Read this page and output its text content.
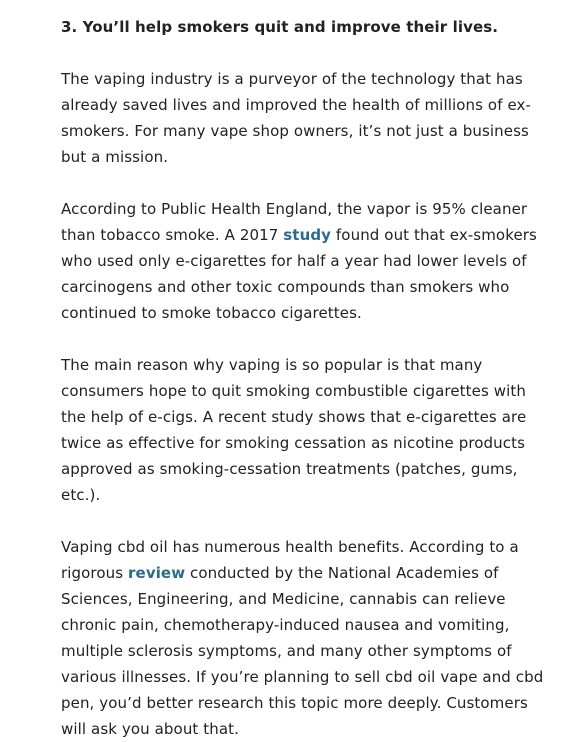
3. You’ll help smokers quit and improve their lives.

The vaping industry is a purveyor of the technology that has already saved lives and improved the health of millions of ex-smokers. For many vape shop owners, it’s not just a business but a mission.

According to Public Health England, the vapor is 95% cleaner than tobacco smoke. A 2017 study found out that ex-smokers who used only e-cigarettes for half a year had lower levels of carcinogens and other toxic compounds than smokers who continued to smoke tobacco cigarettes.

The main reason why vaping is so popular is that many consumers hope to quit smoking combustible cigarettes with the help of e-cigs. A recent study shows that e-cigarettes are twice as effective for smoking cessation as nicotine products approved as smoking-cessation treatments (patches, gums, etc.).

Vaping cbd oil has numerous health benefits. According to a rigorous review conducted by the National Academies of Sciences, Engineering, and Medicine, cannabis can relieve chronic pain, chemotherapy-induced nausea and vomiting, multiple sclerosis symptoms, and many other symptoms of various illnesses. If you’re planning to sell cbd oil vape and cbd pen, you’d better research this topic more deeply. Customers will ask you about that.
